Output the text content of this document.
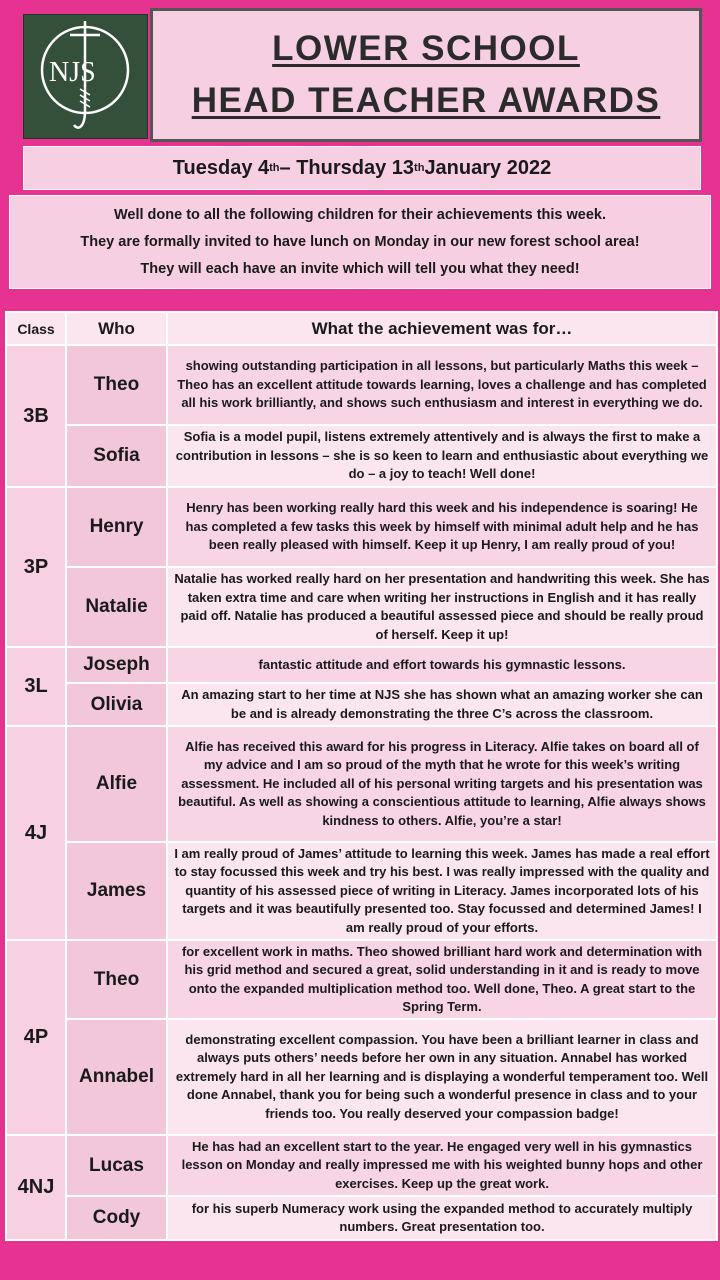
NJS
LOWER SCHOOL
HEAD TEACHER AWARDS
Tuesday 4 th – Thursday 13 th January 2022
Well done to all the following children for their achievements this week.
They are formally invited to have lunch on Monday in our new forest school area!
They will each have an invite which will tell you what they need!
Class	Who	What the achievement was for…
3B	Theo	showing outstanding participation in all lessons, but particularly Maths this week – Theo has an excellent attitude towards learning, loves a challenge and has completed all his work brilliantly, and shows such enthusiasm and interest in everything we do.
	Sofia	Sofia is a model pupil, listens extremely attentively and is always the first to make a contribution in lessons – she is so keen to learn and enthusiastic about everything we do – a joy to teach! Well done!
3P	Henry	Henry has been working really hard this week and his independence is soaring! He has completed a few tasks this week by himself with minimal adult help and he has been really pleased with himself. Keep it up Henry, I am really proud of you!
	Natalie	Natalie has worked really hard on her presentation and handwriting this week. She has taken extra time and care when writing her instructions in English and it has really paid off. Natalie has produced a beautiful assessed piece and should be really proud of herself. Keep it up!
3L	Joseph	fantastic attitude and effort towards his gymnastic lessons.
	Olivia	An amazing start to her time at NJS she has shown what an amazing worker she can be and is already demonstrating the three C’s across the classroom.
4J	Alfie	Alfie has received this award for his progress in Literacy. Alfie takes on board all of my advice and I am so proud of the myth that he wrote for this week’s writing assessment. He included all of his personal writing targets and his presentation was beautiful. As well as showing a conscientious attitude to learning, Alfie always shows kindness to others. Alfie, you’re a star!
	James	I am really proud of James’ attitude to learning this week. James has made a real effort to stay focussed this week and try his best. I was really impressed with the quality and quantity of his assessed piece of writing in Literacy. James incorporated lots of his targets and it was beautifully presented too. Stay focussed and determined James! I am really proud of your efforts.
4P	Theo	for excellent work in maths. Theo showed brilliant hard work and determination with his grid method and secured a great, solid understanding in it and is ready to move onto the expanded multiplication method too. Well done, Theo. A great start to the Spring Term.
	Annabel	demonstrating excellent compassion. You have been a brilliant learner in class and always puts others’ needs before her own in any situation. Annabel has worked extremely hard in all her learning and is displaying a wonderful temperament too. Well done Annabel, thank you for being such a wonderful presence in class and to your friends too. You really deserved your compassion badge!
4NJ	Lucas	He has had an excellent start to the year. He engaged very well in his gymnastics lesson on Monday and really impressed me with his weighted bunny hops and other exercises. Keep up the great work.
	Cody	for his superb Numeracy work using the expanded method to accurately multiply numbers. Great presentation too.
